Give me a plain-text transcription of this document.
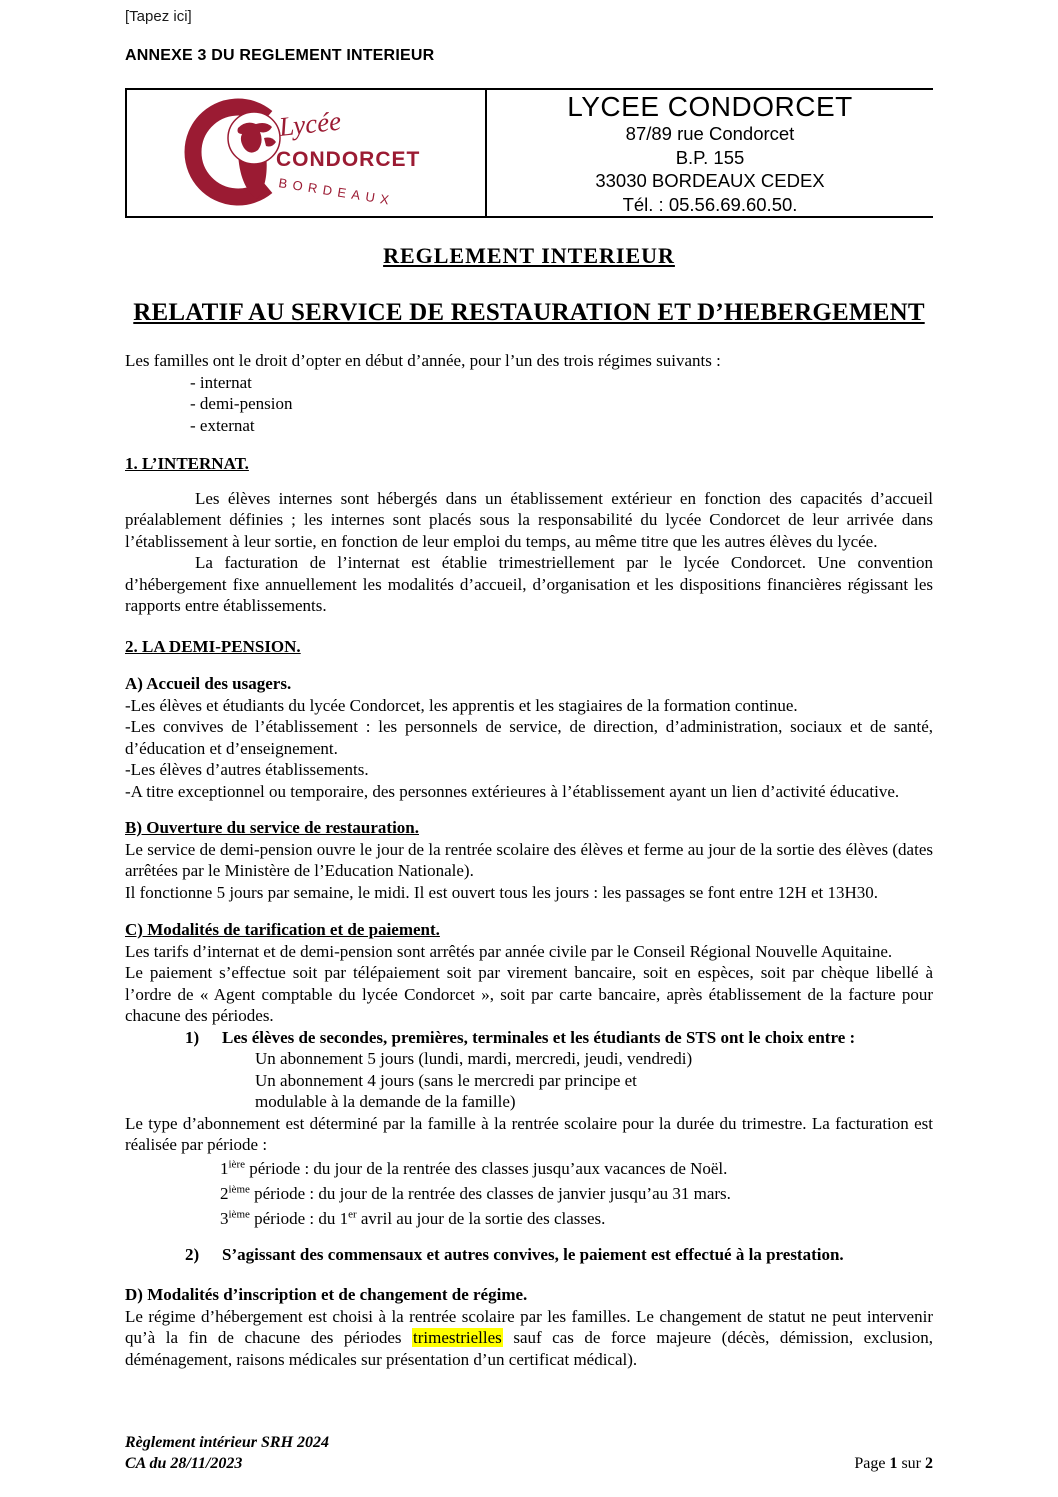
[Tapez ici]
ANNEXE 3 DU REGLEMENT INTERIEUR
Lycée
CONDORCET
BORDEAUX
LYCEE CONDORCET
87/89 rue Condorcet
B.P. 155
33030 BORDEAUX CEDEX
Tél. : 05.56.69.60.50.
REGLEMENT INTERIEUR
RELATIF AU SERVICE DE RESTAURATION ET D’HEBERGEMENT

Les familles ont le droit d’opter en début d’année, pour l’un des trois régimes suivants :

- internat
- demi-pension
- externat
1. L’INTERNAT.

Les élèves internes sont hébergés dans un établissement extérieur en fonction des capacités d’accueil préalablement définies ; les internes sont placés sous la responsabilité du lycée Condorcet de leur arrivée dans l’établissement à leur sortie, en fonction de leur emploi du temps, au même titre que les autres élèves du lycée.

La facturation de l’internat est établie trimestriellement par le lycée Condorcet. Une convention d’hébergement fixe annuellement les modalités d’accueil, d’organisation et les dispositions financières régissant les rapports entre établissements.

2. LA DEMI-PENSION.
A) Accueil des usagers.

-Les élèves et étudiants du lycée Condorcet, les apprentis et les stagiaires de la formation continue.

-Les convives de l’établissement : les personnels de service, de direction, d’administration, sociaux et de santé, d’éducation et d’enseignement.

-Les élèves d’autres établissements.

-A titre exceptionnel ou temporaire, des personnes extérieures à l’établissement ayant un lien d’activité éducative.

B) Ouverture du service de restauration.

Le service de demi-pension ouvre le jour de la rentrée scolaire des élèves et ferme au jour de la sortie des élèves (dates arrêtées par le Ministère de l’Education Nationale).

Il fonctionne 5 jours par semaine, le midi. Il est ouvert tous les jours : les passages se font entre 12H et 13H30.

C) Modalités de tarification et de paiement.

Les tarifs d’internat et de demi-pension sont arrêtés par année civile par le Conseil Régional Nouvelle Aquitaine.

Le paiement s’effectue soit par télépaiement soit par virement bancaire, soit en espèces, soit par chèque libellé à l’ordre de « Agent comptable du lycée Condorcet », soit par carte bancaire, après établissement de la facture pour chacune des périodes.

1) Les élèves de secondes, premières, terminales et les étudiants de STS ont le choix entre :
Un abonnement 5 jours (lundi, mardi, mercredi, jeudi, vendredi)
Un abonnement 4 jours (sans le mercredi par principe et
modulable à la demande de la famille)

Le type d’abonnement est déterminé par la famille à la rentrée scolaire pour la durée du trimestre. La facturation est réalisée par période :

$1^{ière}$ période : du jour de la rentrée des classes jusqu’aux vacances de Noël.
2ième période : du jour de la rentrée des classes de janvier jusqu’au 31 mars.
3ième période : du 1er avril au jour de la sortie des classes.
2) S’agissant des commensaux et autres convives, le paiement est effectué à la prestation.
D) Modalités d’inscription et de changement de régime.

Le régime d’hébergement est choisi à la rentrée scolaire par les familles. Le changement de statut ne peut intervenir qu’à la fin de chacune des périodes trimestrielles sauf cas de force majeure (décès, démission, exclusion, déménagement, raisons médicales sur présentation d’un certificat médical).

Règlement intérieur SRH 2024
CA du 28/11/2023	Page 1 sur 2
